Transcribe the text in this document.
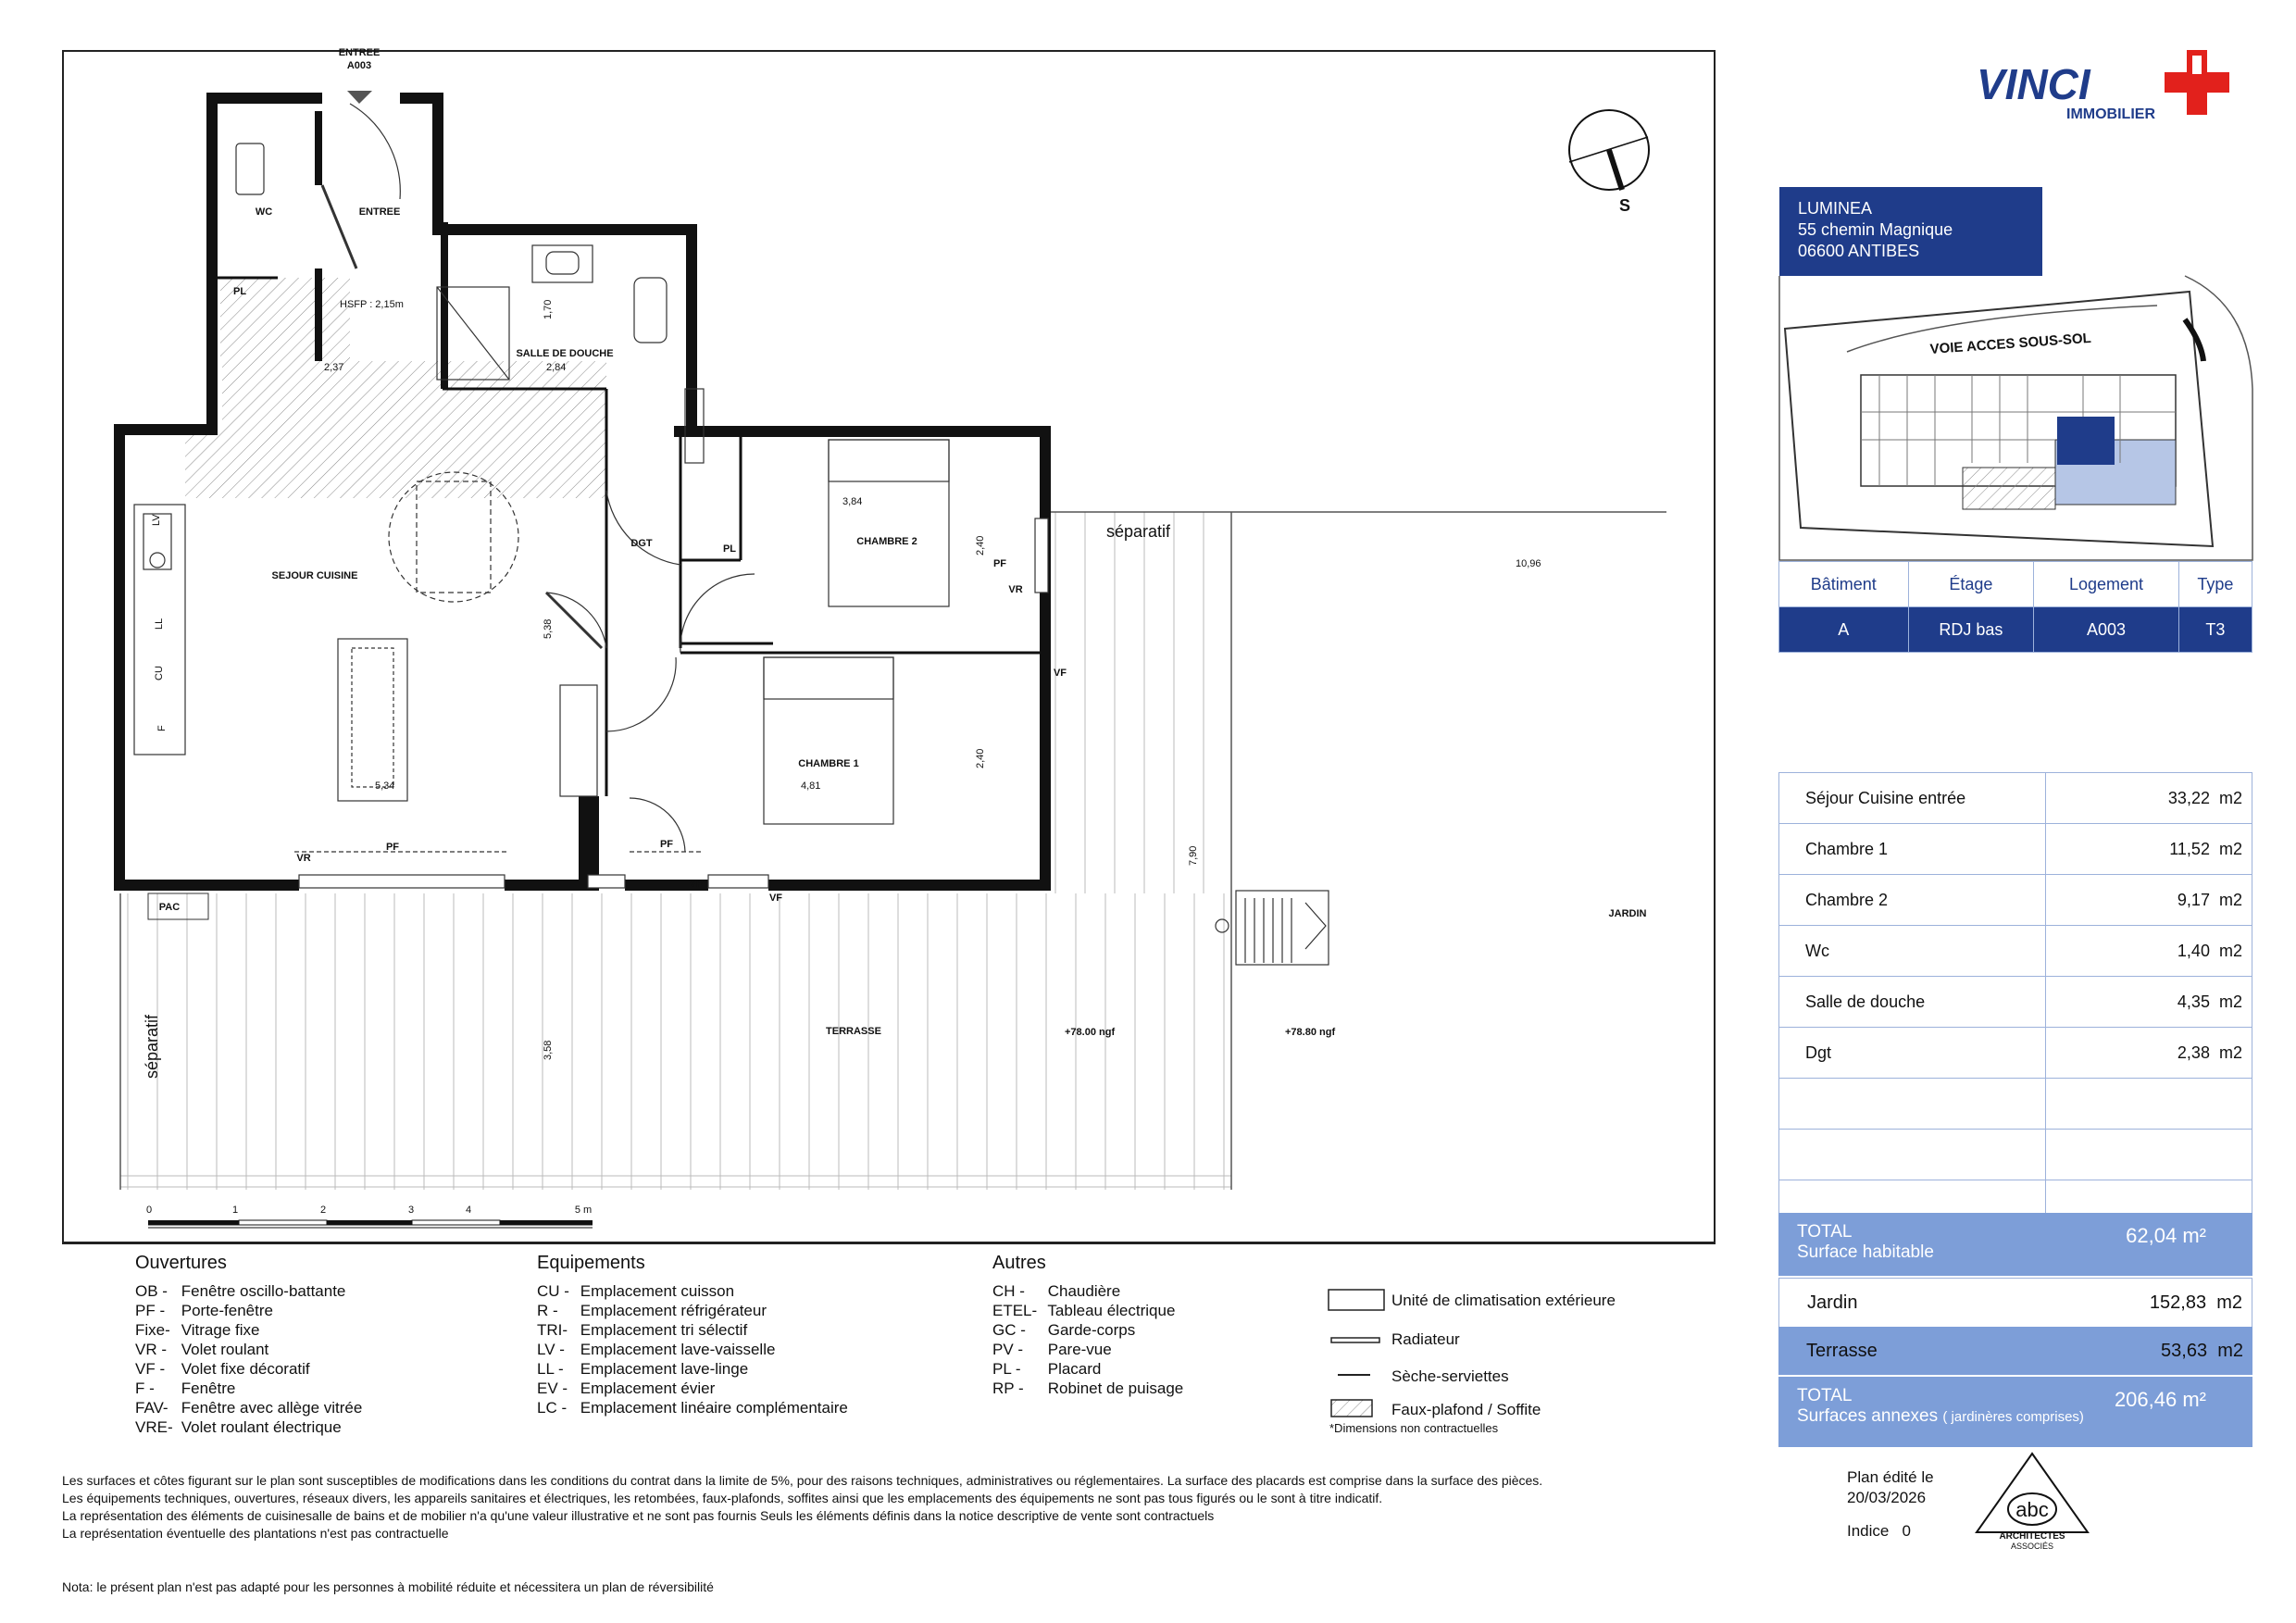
ENTREE
A003
WC	ENTREE
PL
HSFP : 2,15m
SALLE DE DOUCHE
SEJOUR CUISINE
DGT	PL
CHAMBRE 2
CHAMBRE 1
TERRASSE
JARDIN
PAC
LV
LL
CU
F
2,37	2,84
1,70
3,84
2,40
10,96
5,38
5,34	4,81
2,40
7,90
3,58
PF	PF
PF
VR
VR
VR
VF
VF
séparatif
séparatif	+78.00 ngf	+78.80 ngf
S
0	1	2	3	4	5 m
VINCI
IMMOBILIER
VOIE ACCES SOUS-SOL
abc
ARCHITECTES
ASSOCIÉS
LUMINEA
55 chemin Magnique
06600 ANTIBES
Bâtiment	Étage	Logement	Type
A	RDJ bas	A003	T3
Séjour Cuisine entrée	33,22 m2
Chambre 1	11,52 m2
Chambre 2	9,17 m2
Wc	1,40 m2
Salle de douche	4,35 m2
Dgt	2,38 m2

TOTAL
Surface habitable
62,04 m²
Jardin	152,83 m2
Terrasse	53,63 m2
TOTAL
Surfaces annexes ( jardinères comprises)
206,46 m²
Ouvertures
OB - Fenêtre oscillo-battante
PF - Porte-fenêtre
Fixe- Vitrage fixe
VR - Volet roulant
VF - Volet fixe décoratif
F - Fenêtre
FAV- Fenêtre avec allège vitrée
VRE- Volet roulant électrique
Equipements
CU - Emplacement cuisson
R - Emplacement réfrigérateur
TRI- Emplacement tri sélectif
LV - Emplacement lave-vaisselle
LL - Emplacement lave-linge
EV - Emplacement évier
LC - Emplacement linéaire complémentaire
Autres
CH - Chaudière
ETEL- Tableau électrique
GC - Garde-corps
PV - Pare-vue
PL - Placard
RP - Robinet de puisage
Unité de climatisation extérieure
Radiateur
Sèche-serviettes
Faux-plafond / Soffite
*Dimensions non contractuelles
Les surfaces et côtes figurant sur le plan sont susceptibles de modifications dans les conditions du contrat dans la limite de 5%, pour des raisons techniques, administratives ou réglementaires. La surface des placards est comprise dans la surface des pièces.
Les équipements techniques, ouvertures, réseaux divers, les appareils sanitaires et électriques, les retombées, faux-plafonds, soffites ainsi que les emplacements des équipements ne sont pas tous figurés ou le sont à titre indicatif.
La représentation des éléments de cuisinesalle de bains et de mobilier n'a qu'une valeur illustrative et ne sont pas fournis Seuls les éléments définis dans la notice descriptive de vente sont contractuels
La représentation éventuelle des plantations n'est pas contractuelle
Nota: le présent plan n'est pas adapté pour les personnes à mobilité réduite et nécessitera un plan de réversibilité
Plan édité le
20/03/2026
Indice 0
